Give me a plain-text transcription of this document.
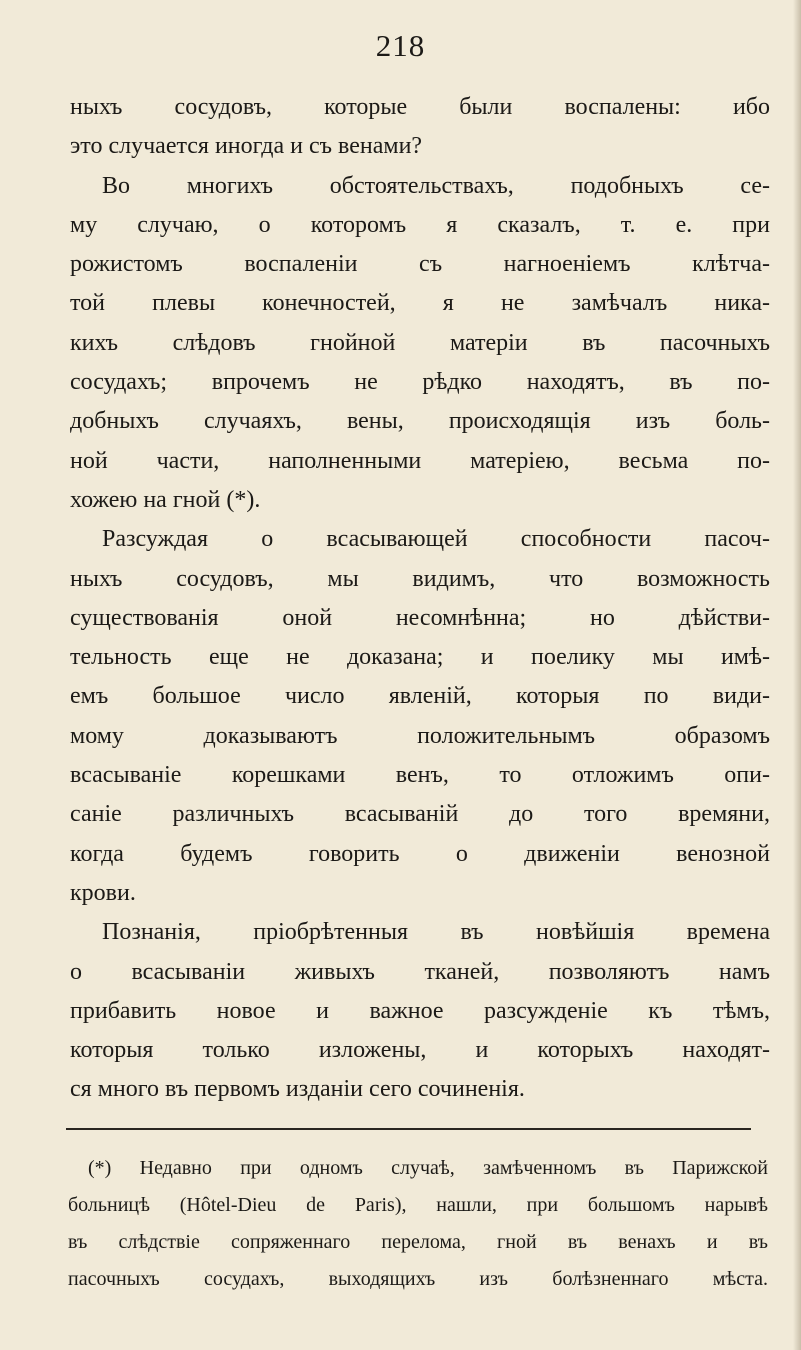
218
ныхъ сосудовъ, которые были воспалены: ибо
это случается иногда и съ венами?
Во многихъ обстоятельствахъ, подобныхъ се-
му случаю, о которомъ я сказалъ, т. е. при
рожистомъ воспаленіи съ нагноеніемъ клѣтча-
той плевы конечностей, я не замѣчалъ ника-
кихъ слѣдовъ гнойной матеріи въ пасочныхъ
сосудахъ; впрочемъ не рѣдко находятъ, въ по-
добныхъ случаяхъ, вены, происходящія изъ боль-
ной части, наполненными матеріею, весьма по-
хожею на гной (*).
Разсуждая о всасывающей способности пасоч-
ныхъ сосудовъ, мы видимъ, что возможность
существованія оной несомнѣнна; но дѣйстви-
тельность еще не доказана; и поелику мы имѣ-
емъ большое число явленій, которыя по види-
мому доказываютъ положительнымъ образомъ
всасываніе корешками венъ, то отложимъ опи-
саніе различныхъ всасываній до того времяни,
когда будемъ говорить о движеніи венозной
крови.
Познанія, пріобрѣтенныя въ новѣйшія времена
о всасываніи живыхъ тканей, позволяютъ намъ
прибавить новое и важное разсужденіе къ тѣмъ,
которыя только изложены, и которыхъ находят-
ся много въ первомъ изданіи сего сочиненія.
(*) Недавно при одномъ случаѣ, замѣченномъ въ Парижской
больницѣ (Hôtel-Dieu de Paris), нашли, при большомъ нарывѣ
въ слѣдствіе сопряженнаго перелома, гной въ венахъ и въ
пасочныхъ сосудахъ, выходящихъ изъ болѣзненнаго мѣста.
